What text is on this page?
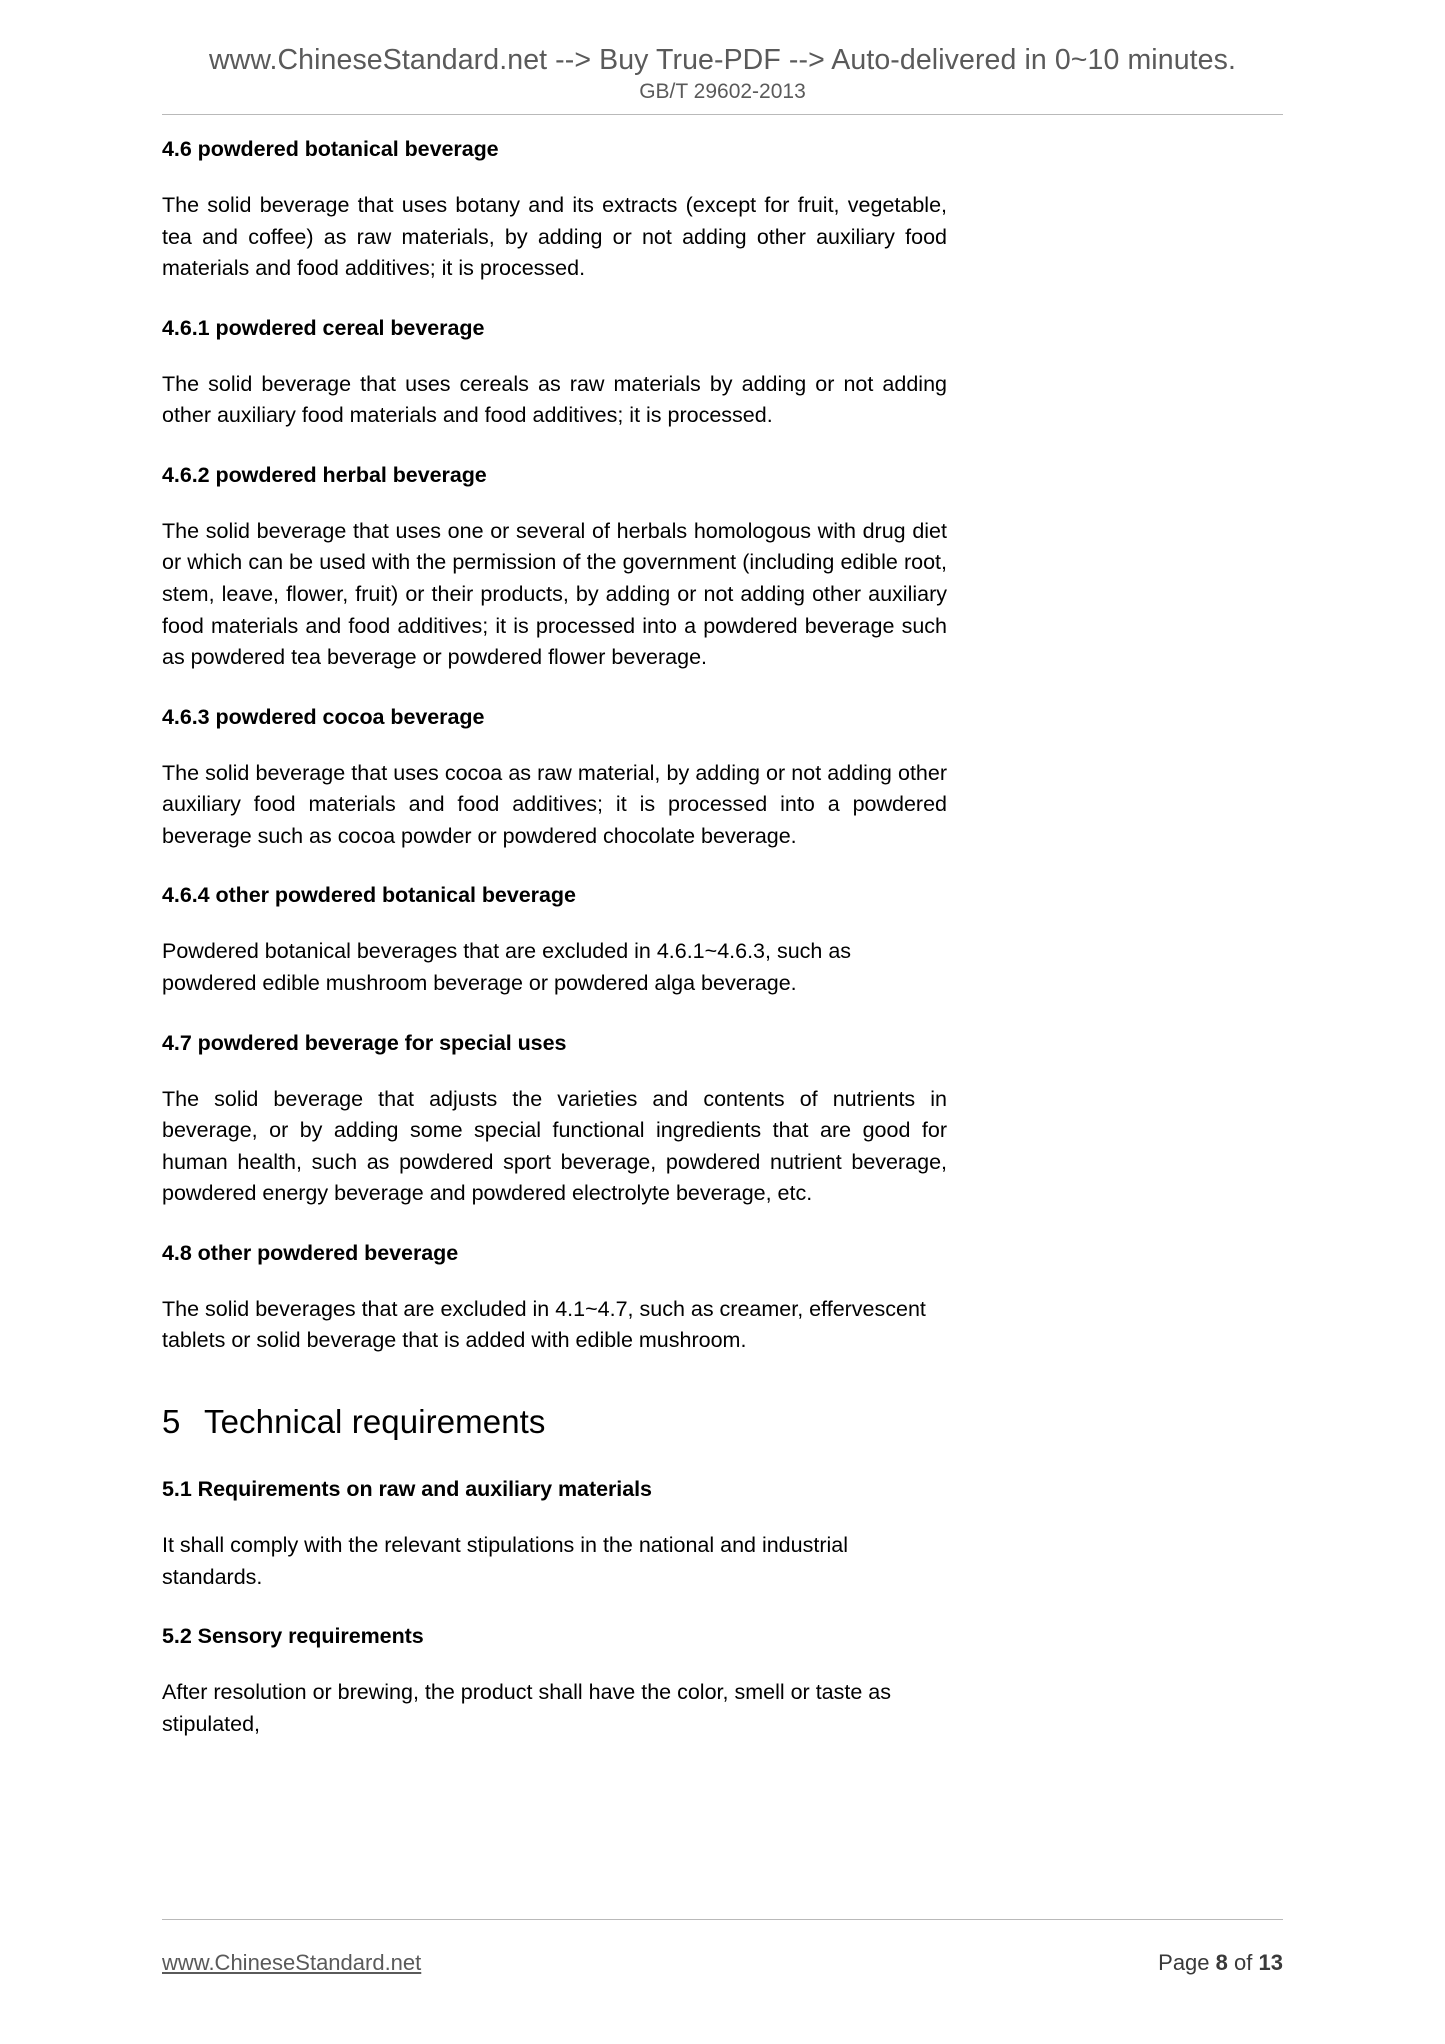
www.ChineseStandard.net --> Buy True-PDF --> Auto-delivered in 0~10 minutes.
GB/T 29602-2013
4.6 powdered botanical beverage

The solid beverage that uses botany and its extracts (except for fruit, vegetable, tea and coffee) as raw materials, by adding or not adding other auxiliary food materials and food additives; it is processed.

4.6.1 powdered cereal beverage

The solid beverage that uses cereals as raw materials by adding or not adding other auxiliary food materials and food additives; it is processed.

4.6.2 powdered herbal beverage

The solid beverage that uses one or several of herbals homologous with drug diet or which can be used with the permission of the government (including edible root, stem, leave, flower, fruit) or their products, by adding or not adding other auxiliary food materials and food additives; it is processed into a powdered beverage such as powdered tea beverage or powdered flower beverage.

4.6.3 powdered cocoa beverage

The solid beverage that uses cocoa as raw material, by adding or not adding other auxiliary food materials and food additives; it is processed into a powdered beverage such as cocoa powder or powdered chocolate beverage.

4.6.4 other powdered botanical beverage

Powdered botanical beverages that are excluded in 4.6.1~4.6.3, such as powdered edible mushroom beverage or powdered alga beverage.

4.7 powdered beverage for special uses

The solid beverage that adjusts the varieties and contents of nutrients in beverage, or by adding some special functional ingredients that are good for human health, such as powdered sport beverage, powdered nutrient beverage, powdered energy beverage and powdered electrolyte beverage, etc.

4.8 other powdered beverage

The solid beverages that are excluded in 4.1~4.7, such as creamer, effervescent tablets or solid beverage that is added with edible mushroom.

5 Technical requirements
5.1 Requirements on raw and auxiliary materials

It shall comply with the relevant stipulations in the national and industrial standards.

5.2 Sensory requirements

After resolution or brewing, the product shall have the color, smell or taste as stipulated,

www.ChineseStandard.net	Page 8 of 13
